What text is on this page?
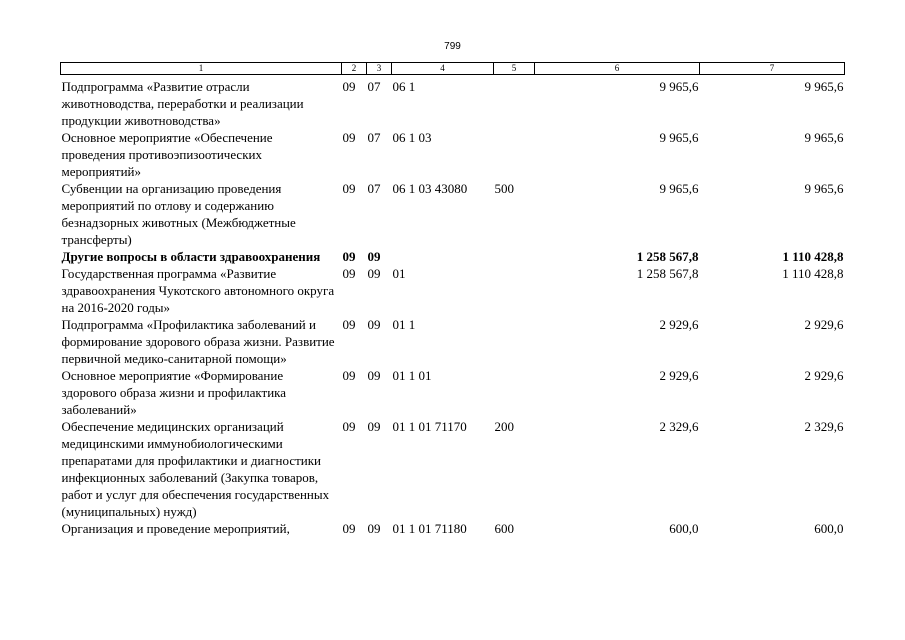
799
1	2	3	4	5	6	7
Подпрограмма «Развитие отрасли животноводства, переработки и реализации продукции животноводства»	09	07	06 1		9 965,6	9 965,6
Основное мероприятие «Обеспечение проведения противоэпизоотических мероприятий»	09	07	06 1 03		9 965,6	9 965,6
Субвенции на организацию проведения мероприятий по отлову и содержанию безнадзорных животных (Межбюджетные трансферты)	09	07	06 1 03 43080	500	9 965,6	9 965,6
Другие вопросы в области здравоохранения	09	09			1 258 567,8	1 110 428,8
Государственная программа «Развитие здравоохранения Чукотского автономного округа на 2016-2020 годы»	09	09	01		1 258 567,8	1 110 428,8
Подпрограмма «Профилактика заболеваний и формирование здорового образа жизни. Развитие первичной медико-санитарной помощи»	09	09	01 1		2 929,6	2 929,6
Основное мероприятие «Формирование здорового образа жизни и профилактика заболеваний»	09	09	01 1 01		2 929,6	2 929,6
Обеспечение медицинских организаций медицинскими иммунобиологическими препаратами для профилактики и диагностики инфекционных заболеваний (Закупка товаров, работ и услуг для обеспечения государственных (муниципальных) нужд)	09	09	01 1 01 71170	200	2 329,6	2 329,6
Организация и проведение мероприятий,	09	09	01 1 01 71180	600	600,0	600,0
